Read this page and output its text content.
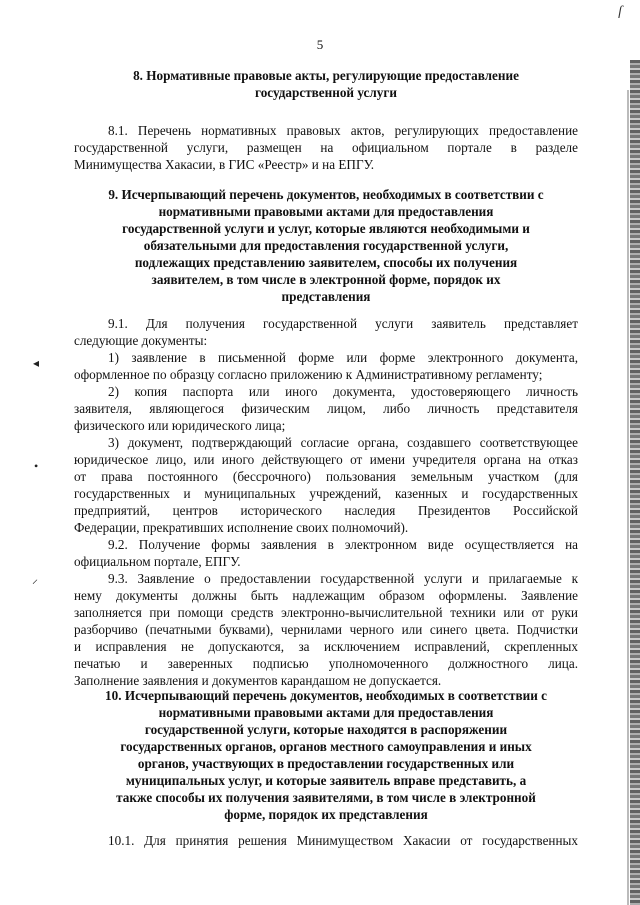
ſ
5
8. Нормативные правовые акты, регулирующие предоставление
государственной услуги
8.1. Перечень нормативных правовых актов, регулирующих предоставление
государственной услуги, размещен на официальном портале в разделе
Минимущества Хакасии, в ГИС «Реестр» и на ЕПГУ.
9. Исчерпывающий перечень документов, необходимых в соответствии с
нормативными правовыми актами для предоставления
государственной услуги и услуг, которые являются необходимыми и
обязательными для предоставления государственной услуги,
подлежащих представлению заявителем, способы их получения
заявителем, в том числе в электронной форме, порядок их
представления
9.1. Для получения государственной услуги заявитель представляет
следующие документы:
1) заявление в письменной форме или форме электронного документа,
оформленное по образцу согласно приложению к Административному регламенту;
2) копия паспорта или иного документа, удостоверяющего личность
заявителя, являющегося физическим лицом, либо личность представителя
физического или юридического лица;
3) документ, подтверждающий согласие органа, создавшего соответствующее
юридическое лицо, или иного действующего от имени учредителя органа на отказ
от права постоянного (бессрочного) пользования земельным участком (для
государственных и муниципальных учреждений, казенных и государственных
предприятий, центров исторического наследия Президентов Российской
Федерации, прекративших исполнение своих полномочий).
9.2. Получение формы заявления в электронном виде осуществляется на
официальном портале, ЕПГУ.
9.3. Заявление о предоставлении государственной услуги и прилагаемые к
нему документы должны быть надлежащим образом оформлены. Заявление
заполняется при помощи средств электронно-вычислительной техники или от руки
разборчиво (печатными буквами), чернилами черного или синего цвета. Подчистки
и исправления не допускаются, за исключением исправлений, скрепленных
печатью и заверенных подписью уполномоченного должностного лица.
Заполнение заявления и документов карандашом не допускается.
10. Исчерпывающий перечень документов, необходимых в соответствии с
нормативными правовыми актами для предоставления
государственной услуги, которые находятся в распоряжении
государственных органов, органов местного самоуправления и иных
органов, участвующих в предоставлении государственных или
муниципальных услуг, и которые заявитель вправе представить, а
также способы их получения заявителями, в том числе в электронной
форме, порядок их представления
10.1. Для принятия решения Минимуществом Хакасии от государственных
◂
•
⸝
